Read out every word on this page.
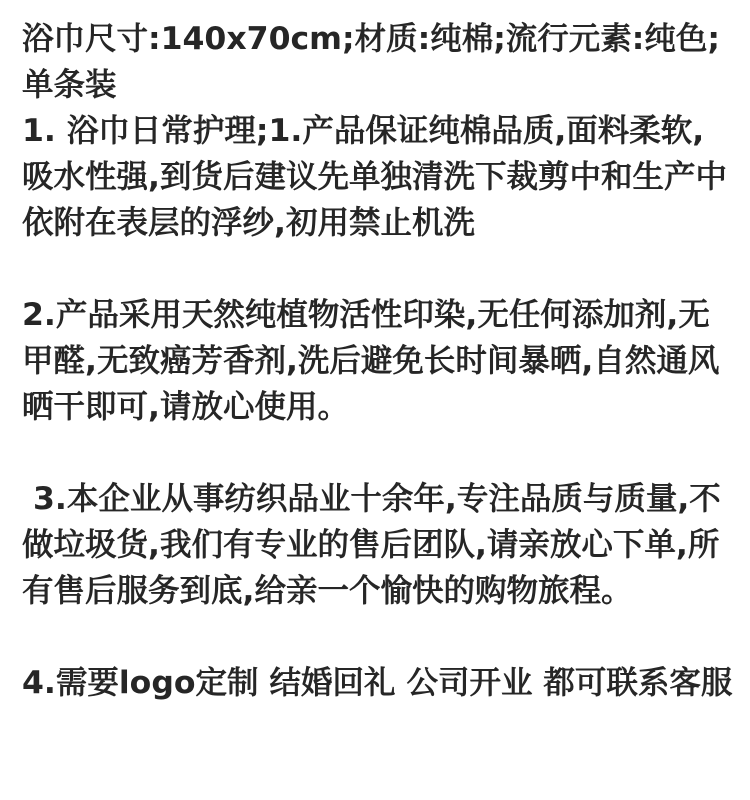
浴巾尺寸:140x70cm;材质:纯棉;流行元素:纯色;单条装

1. 浴巾日常护理;1.产品保证纯棉品质,面料柔软,吸水性强,到货后建议先单独清洗下裁剪中和生产中依附在表层的浮纱,初用禁止机洗

2.产品采用天然纯植物活性印染,无任何添加剂,无甲醛,无致癌芳香剂,洗后避免长时间暴晒,自然通风晒干即可,请放心使用。

3.本企业从事纺织品业十余年,专注品质与质量,不做垃圾货,我们有专业的售后团队,请亲放心下单,所有售后服务到底,给亲一个愉快的购物旅程。

4.需要logo定制 结婚回礼 公司开业 都可联系客服
